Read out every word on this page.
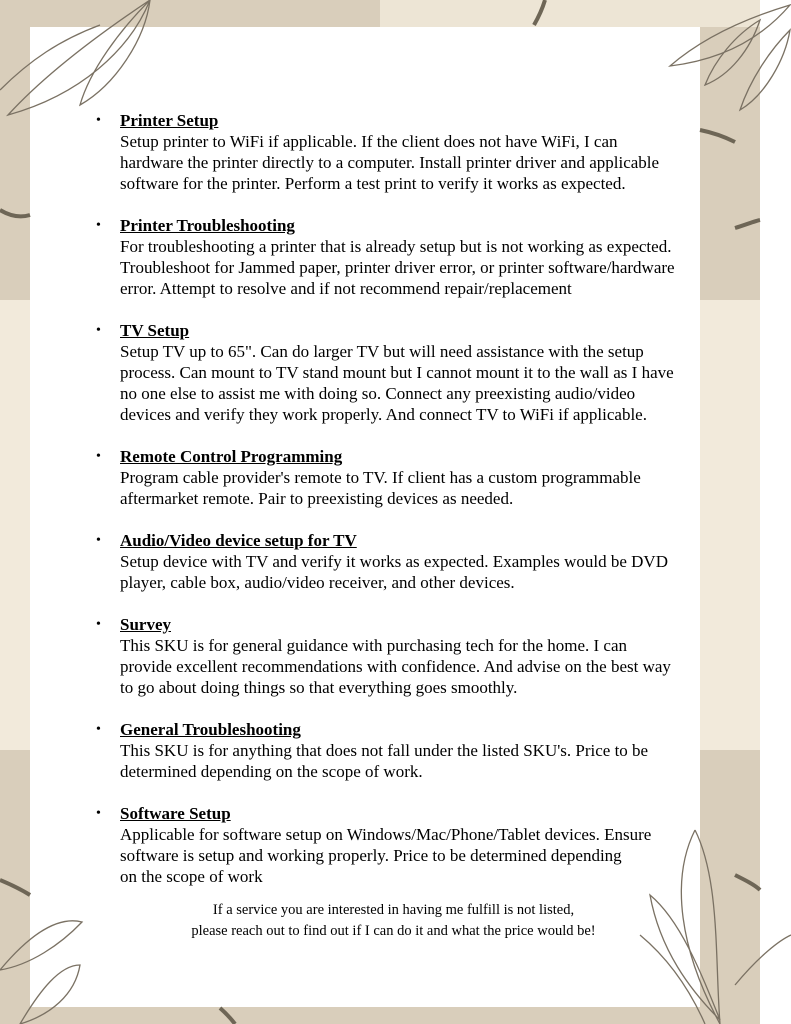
• Printer Setup

Setup printer to WiFi if applicable. If the client does not have WiFi, I can
hardware the printer directly to a computer. Install printer driver and applicable
software for the printer. Perform a test print to verify it works as expected.

• Printer Troubleshooting

For troubleshooting a printer that is already setup but is not working as expected.
Troubleshoot for Jammed paper, printer driver error, or printer software/hardware
error. Attempt to resolve and if not recommend repair/replacement

• TV Setup

Setup TV up to 65". Can do larger TV but will need assistance with the setup
process. Can mount to TV stand mount but I cannot mount it to the wall as I have
no one else to assist me with doing so. Connect any preexisting audio/video
devices and verify they work properly. And connect TV to WiFi if applicable.

• Remote Control Programming

Program cable provider's remote to TV. If client has a custom programmable
aftermarket remote. Pair to preexisting devices as needed.

• Audio/Video device setup for TV

Setup device with TV and verify it works as expected. Examples would be DVD
player, cable box, audio/video receiver, and other devices.

• Survey

This SKU is for general guidance with purchasing tech for the home. I can
provide excellent recommendations with confidence. And advise on the best way
to go about doing things so that everything goes smoothly.

• General Troubleshooting

This SKU is for anything that does not fall under the listed SKU's. Price to be
determined depending on the scope of work.

• Software Setup

Applicable for software setup on Windows/Mac/Phone/Tablet devices. Ensure
software is setup and working properly. Price to be determined depending
on the scope of work

If a service you are interested in having me fulfill is not listed,
please reach out to find out if I can do it and what the price would be!
